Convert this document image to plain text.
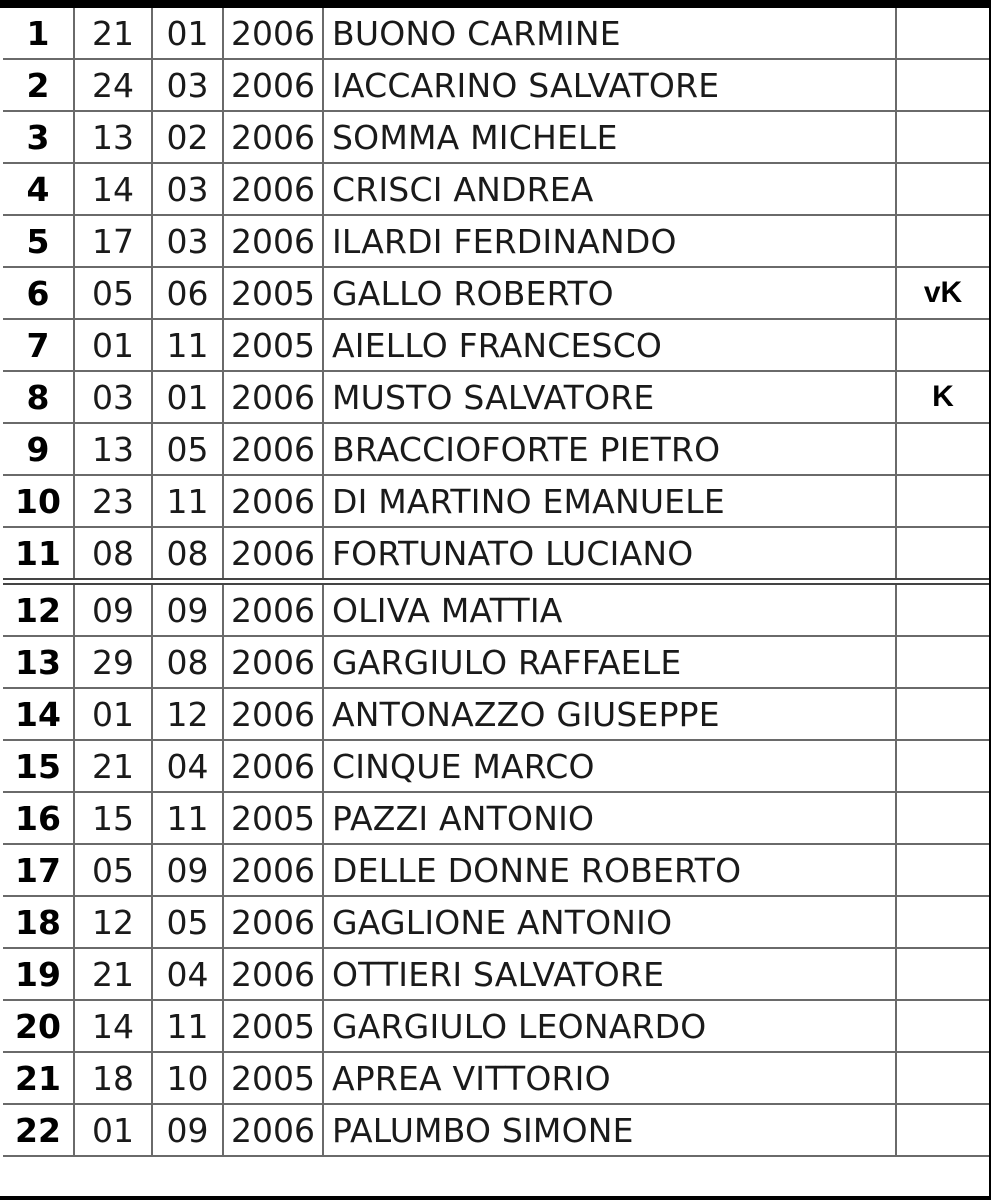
1	21	01	2006	BUONO CARMINE	
2	24	03	2006	IACCARINO SALVATORE	
3	13	02	2006	SOMMA MICHELE	
4	14	03	2006	CRISCI ANDREA	
5	17	03	2006	ILARDI FERDINANDO	
6	05	06	2005	GALLO ROBERTO	vK
7	01	11	2005	AIELLO FRANCESCO	
8	03	01	2006	MUSTO SALVATORE	K
9	13	05	2006	BRACCIOFORTE PIETRO	
10	23	11	2006	DI MARTINO EMANUELE	
11	08	08	2006	FORTUNATO LUCIANO	
12	09	09	2006	OLIVA MATTIA	
13	29	08	2006	GARGIULO RAFFAELE	
14	01	12	2006	ANTONAZZO GIUSEPPE	
15	21	04	2006	CINQUE MARCO	
16	15	11	2005	PAZZI ANTONIO	
17	05	09	2006	DELLE DONNE ROBERTO	
18	12	05	2006	GAGLIONE ANTONIO	
19	21	04	2006	OTTIERI SALVATORE	
20	14	11	2005	GARGIULO LEONARDO	
21	18	10	2005	APREA VITTORIO	
22	01	09	2006	PALUMBO SIMONE	
